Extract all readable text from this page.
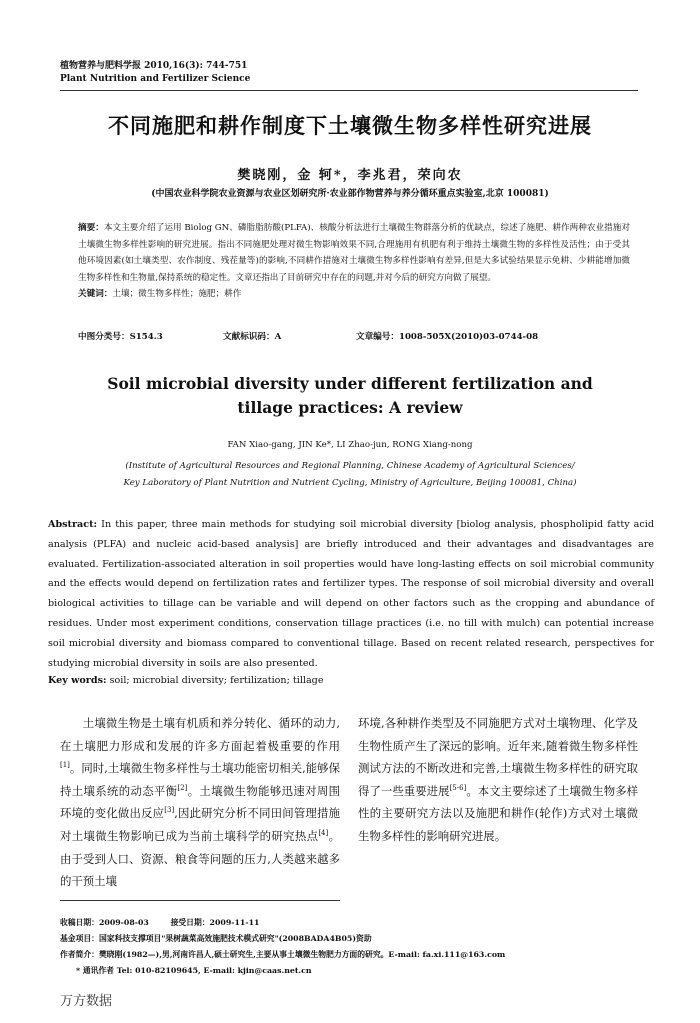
植物营养与肥料学报 2010,16(3): 744-751
Plant Nutrition and Fertilizer Science
不同施肥和耕作制度下土壤微生物多样性研究进展
樊晓刚，金 轲*，李兆君，荣向农
(中国农业科学院农业资源与农业区划研究所·农业部作物营养与养分循环重点实验室,北京 100081)
摘要：本文主要介绍了运用 Biolog GN、磷脂脂肪酸(PLFA)、核酸分析法进行土壤微生物群落分析的优缺点，综述了施肥、耕作两种农业措施对土壤微生物多样性影响的研究进展。指出不同施肥处理对微生物影响效果不同,合理施用有机肥有利于维持土壤微生物的多样性及活性；由于受其他环境因素(如土壤类型、农作制度、残茬量等)的影响,不同耕作措施对土壤微生物多样性影响有差异,但是大多试验结果显示免耕、少耕能增加微生物多样性和生物量,保持系统的稳定性。文章还指出了目前研究中存在的问题,并对今后的研究方向做了展望。
关键词：土壤；微生物多样性；施肥；耕作
中图分类号：S154.3	文献标识码：A	文章编号：1008-505X(2010)03-0744-08
Soil microbial diversity under different fertilization and
tillage practices: A review
FAN Xiao-gang, JIN Ke*, LI Zhao-jun, RONG Xiang-nong
(Institute of Agricultural Resources and Regional Planning, Chinese Academy of Agricultural Sciences/
Key Laboratory of Plant Nutrition and Nutrient Cycling, Ministry of Agriculture, Beijing 100081, China)
Abstract: In this paper, three main methods for studying soil microbial diversity [biolog analysis, phospholipid fatty acid analysis (PLFA) and nucleic acid-based analysis] are briefly introduced and their advantages and disadvantages are evaluated. Fertilization-associated alteration in soil properties would have long-lasting effects on soil microbial community and the effects would depend on fertilization rates and fertilizer types. The response of soil microbial diversity and overall biological activities to tillage can be variable and will depend on other factors such as the cropping and abundance of residues. Under most experiment conditions, conservation tillage practices (i.e. no till with mulch) can potential increase soil microbial diversity and biomass compared to conventional tillage. Based on recent related research, perspectives for studying microbial diversity in soils are also presented.
Key words: soil; microbial diversity; fertilization; tillage
土壤微生物是土壤有机质和养分转化、循环的动力,在土壤肥力形成和发展的许多方面起着极重要的作用[1]。同时,土壤微生物多样性与土壤功能密切相关,能够保持土壤系统的动态平衡[2]。土壤微生物能够迅速对周围环境的变化做出反应[3],因此研究分析不同田间管理措施对土壤微生物影响已成为当前土壤科学的研究热点[4]。由于受到人口、资源、粮食等问题的压力,人类越来越多的干预土壤
环境,各种耕作类型及不同施肥方式对土壤物理、化学及生物性质产生了深远的影响。近年来,随着微生物多样性测试方法的不断改进和完善,土壤微生物多样性的研究取得了一些重要进展[5-6]。本文主要综述了土壤微生物多样性的主要研究方法以及施肥和耕作(轮作)方式对土壤微生物多样性的影响研究进展。
收稿日期：2009-08-03	接受日期：2009-11-11
基金项目：国家科技支撑项目"果树蔬菜高效施肥技术模式研究"(2008BADA4B05)资助
作者简介：樊晓刚(1982—),男,河南许昌人,硕士研究生,主要从事土壤微生物肥力方面的研究。E-mail: fa.xi.111@163.com
* 通讯作者 Tel: 010-82109645, E-mail: kjin@caas.net.cn
万方数据
